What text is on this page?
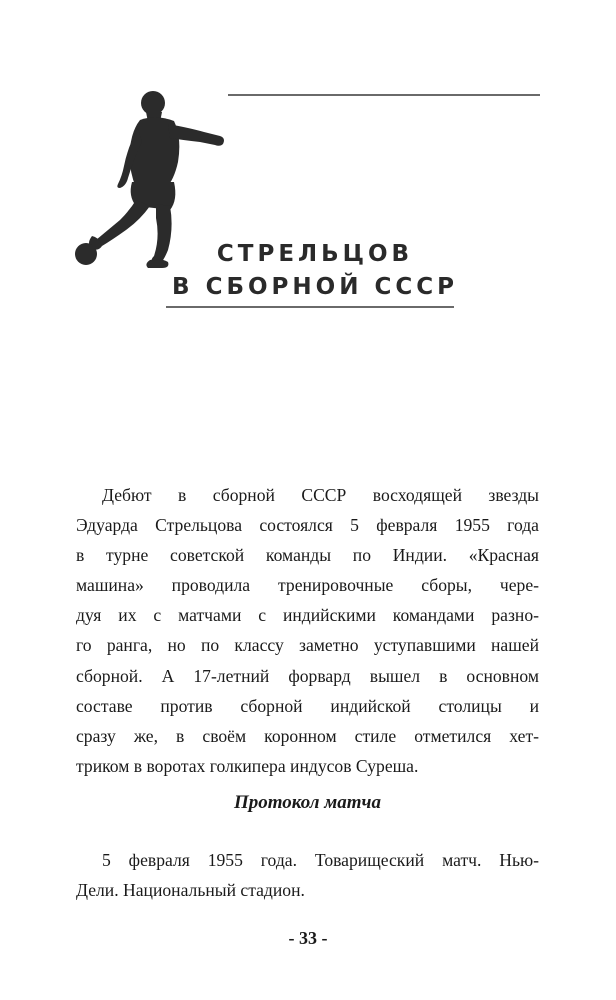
СТРЕЛЬЦОВ
В СБОРНОЙ СССР
Дебют в сборной СССР восходящей звезды
Эдуарда Стрельцова состоялся 5 февраля 1955 года
в турне советской команды по Индии. «Красная
машина» проводила тренировочные сборы, чере-
дуя их с матчами с индийскими командами разно-
го ранга, но по классу заметно уступавшими нашей
сборной. А 17-летний форвард вышел в основном
составе против сборной индийской столицы и
сразу же, в своём коронном стиле отметился хет-
триком в воротах голкипера индусов Суреша.
Протокол матча
5 февраля 1955 года. Товарищеский матч. Нью-
Дели. Национальный стадион.
- 33 -
